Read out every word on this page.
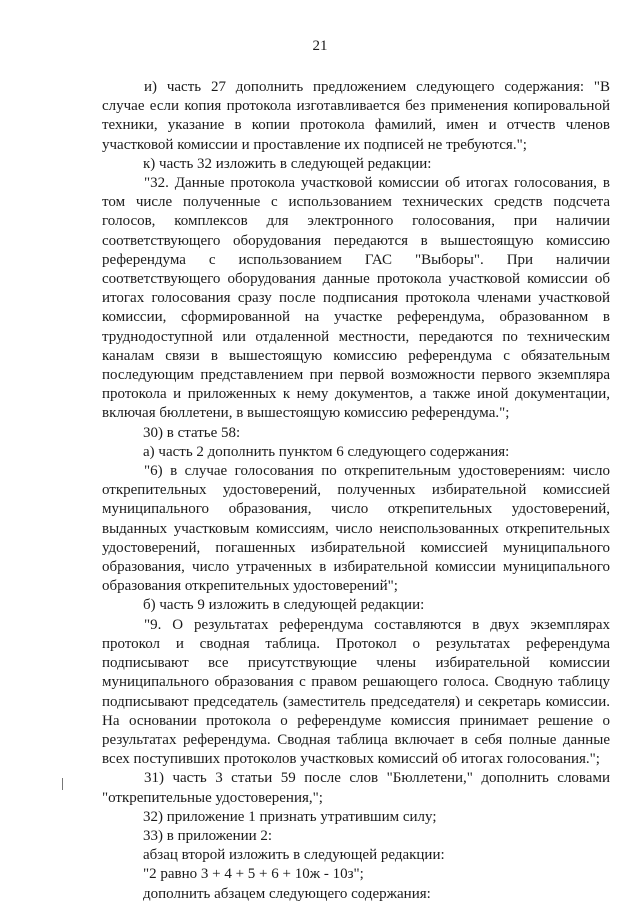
21

и) часть 27 дополнить предложением следующего содержания: "В случае если копия протокола изготавливается без применения копировальной техники, указание в копии протокола фамилий, имен и отчеств членов участковой комиссии и проставление их подписей не требуются.";

к) часть 32 изложить в следующей редакции:

"32. Данные протокола участковой комиссии об итогах голосования, в том числе полученные с использованием технических средств подсчета голосов, комплексов для электронного голосования, при наличии соответствующего оборудования передаются в вышестоящую комиссию референдума с использованием ГАС "Выборы". При наличии соответствующего оборудования данные протокола участковой комиссии об итогах голосования сразу после подписания протокола членами участковой комиссии, сформированной на участке референдума, образованном в труднодоступной или отдаленной местности, передаются по техническим каналам связи в вышестоящую комиссию референдума с обязательным последующим представлением при первой возможности первого экземпляра протокола и приложенных к нему документов, а также иной документации, включая бюллетени, в вышестоящую комиссию референдума.";

30) в статье 58:

а) часть 2 дополнить пунктом 6 следующего содержания:

"6) в случае голосования по открепительным удостоверениям: число открепительных удостоверений, полученных избирательной комиссией муниципального образования, число открепительных удостоверений, выданных участковым комиссиям, число неиспользованных открепительных удостоверений, погашенных избирательной комиссией муниципального образования, число утраченных в избирательной комиссии муниципального образования открепительных удостоверений";

б) часть 9 изложить в следующей редакции:

"9. О результатах референдума составляются в двух экземплярах протокол и сводная таблица. Протокол о результатах референдума подписывают все присутствующие члены избирательной комиссии муниципального образования с правом решающего голоса. Сводную таблицу подписывают председатель (заместитель председателя) и секретарь комиссии. На основании протокола о референдуме комиссия принимает решение о результатах референдума. Сводная таблица включает в себя полные данные всех поступивших протоколов участковых комиссий об итогах голосования.";

31) часть 3 статьи 59 после слов "Бюллетени," дополнить словами "открепительные удостоверения,";

32) приложение 1 признать утратившим силу;

33) в приложении 2:

абзац второй изложить в следующей редакции:

"2 равно 3 + 4 + 5 + 6 + 10ж - 10з";

дополнить абзацем следующего содержания:
